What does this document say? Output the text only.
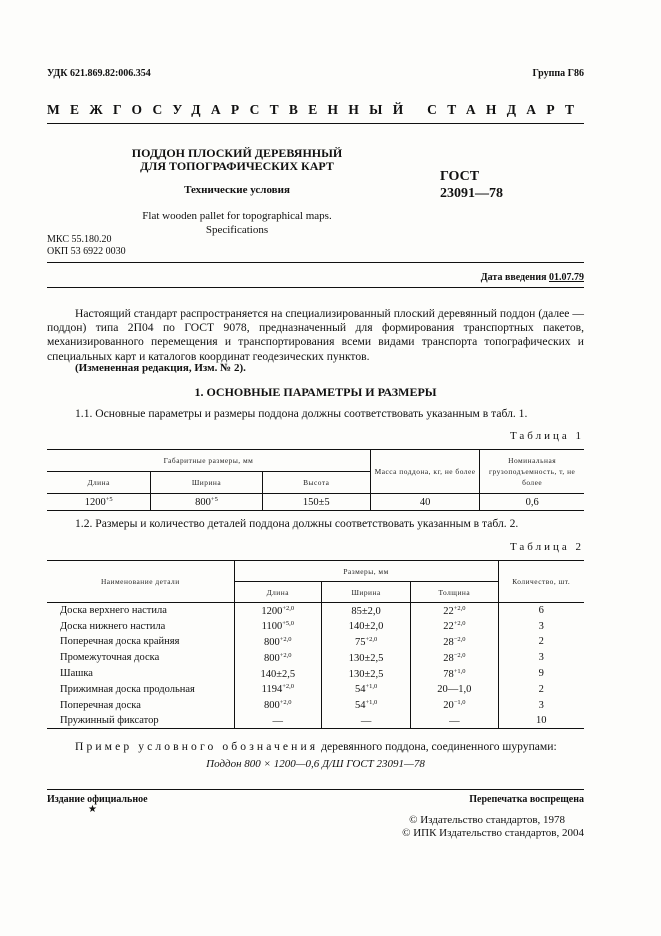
УДК 621.869.82:006.354	Группа Г86
МЕЖГОСУДАРСТВЕННЫЙ СТАНДАРТ
ПОДДОН ПЛОСКИЙ ДЕРЕВЯННЫЙ
ДЛЯ ТОПОГРАФИЧЕСКИХ КАРТ
Технические условия
Flat wooden pallet for topographical maps.
Specifications
ГОСТ
23091—78
МКС 55.180.20
ОКП 53 6922 0030
Дата введения 01.07.79
Настоящий стандарт распространяется на специализированный плоский деревянный поддон (далее — поддон) типа 2П04 по ГОСТ 9078, предназначенный для формирования транспортных пакетов, механизированного перемещения и транспортирования всеми видами транспорта топографических и специальных карт и каталогов координат геодезических пунктов.
(Измененная редакция, Изм. № 2).
1. ОСНОВНЫЕ ПАРАМЕТРЫ И РАЗМЕРЫ
1.1. Основные параметры и размеры поддона должны соответствовать указанным в табл. 1.
Таблица 1
Габаритные размеры, мм			Масса поддона, кг, не более	Номинальная грузоподъемность, т, не более
Длина	Ширина	Высота		
$1200^{+5}$	$800^{+5}$	150±5	40	0,6
1.2. Размеры и количество деталей поддона должны соответствовать указанным в табл. 2.
Таблица 2
Наименование детали	Размеры, мм			Количество, шт.
	Длина	Ширина	Толщина	
Доска верхнего настила	$1200^{+2,0}$	85±2,0	$22^{+2,0}$	6
Доска нижнего настила	$1100^{+5,0}$	140±2,0	$22^{+2,0}$	3
Поперечная доска крайняя	$800^{+2,0}$	$75^{+2,0}$	$28^{-2,0}$	2
Промежуточная доска	$800^{+2,0}$	130±2,5	$28^{-2,0}$	3
Шашка	140±2,5	130±2,5	$78^{+1,0}$	9
Прижимная доска продольная	$1194^{+2,0}$	$54^{+1,0}$	20—1,0	2
Поперечная доска	$800^{+2,0}$	$54^{+1,0}$	$20^{-1,0}$	3
Пружинный фиксатор	—	—	—	10
Пример условного обозначения деревянного поддона, соединенного шурупами:
Поддон 800 × 1200—0,6 Д/Ш ГОСТ 23091—78
Издание официальное
★
Перепечатка воспрещена
© Издательство стандартов, 1978
© ИПК Издательство стандартов, 2004
